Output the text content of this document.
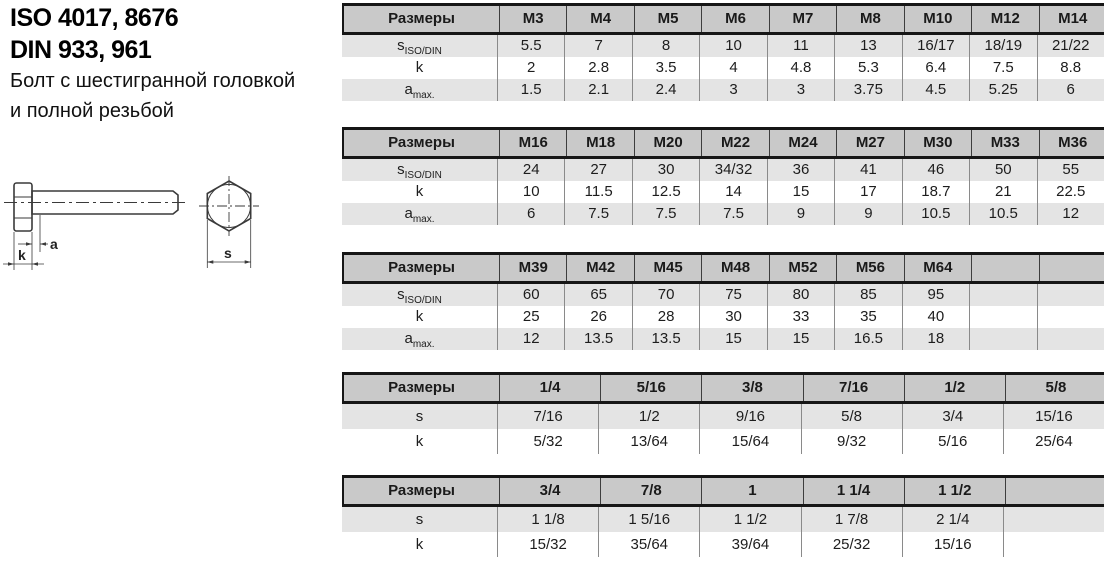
ISO 4017, 8676
DIN 933, 961
Болт с шестигранной головкой
и полной резьбой
a
k	s
Размеры	M3	M4	M5	M6	M7	M8	M10	M12	M14
$s_{ISO/DIN}$	5.5	7	8	10	11	13	16/17	18/19	21/22
k	2	2.8	3.5	4	4.8	5.3	6.4	7.5	8.8
$a_{max.}$	1.5	2.1	2.4	3	3	3.75	4.5	5.25	6
Размеры	M16	M18	M20	M22	M24	M27	M30	M33	M36
$s_{ISO/DIN}$	24	27	30	34/32	36	41	46	50	55
k	10	11.5	12.5	14	15	17	18.7	21	22.5
$a_{max.}$	6	7.5	7.5	7.5	9	9	10.5	10.5	12
Размеры	M39	M42	M45	M48	M52	M56	M64
$s_{ISO/DIN}$	60	65	70	75	80	85	95
k	25	26	28	30	33	35	40
$a_{max.}$	12	13.5	13.5	15	15	16.5	18
Размеры	1/4	5/16	3/8	7/16	1/2	5/8
s	7/16	1/2	9/16	5/8	3/4	15/16
k	5/32	13/64	15/64	9/32	5/16	25/64
Размеры	3/4	7/8	1	1 1/4	1 1/2
s	1 1/8	1 5/16	1 1/2	1 7/8	2 1/4
k	15/32	35/64	39/64	25/32	15/16
